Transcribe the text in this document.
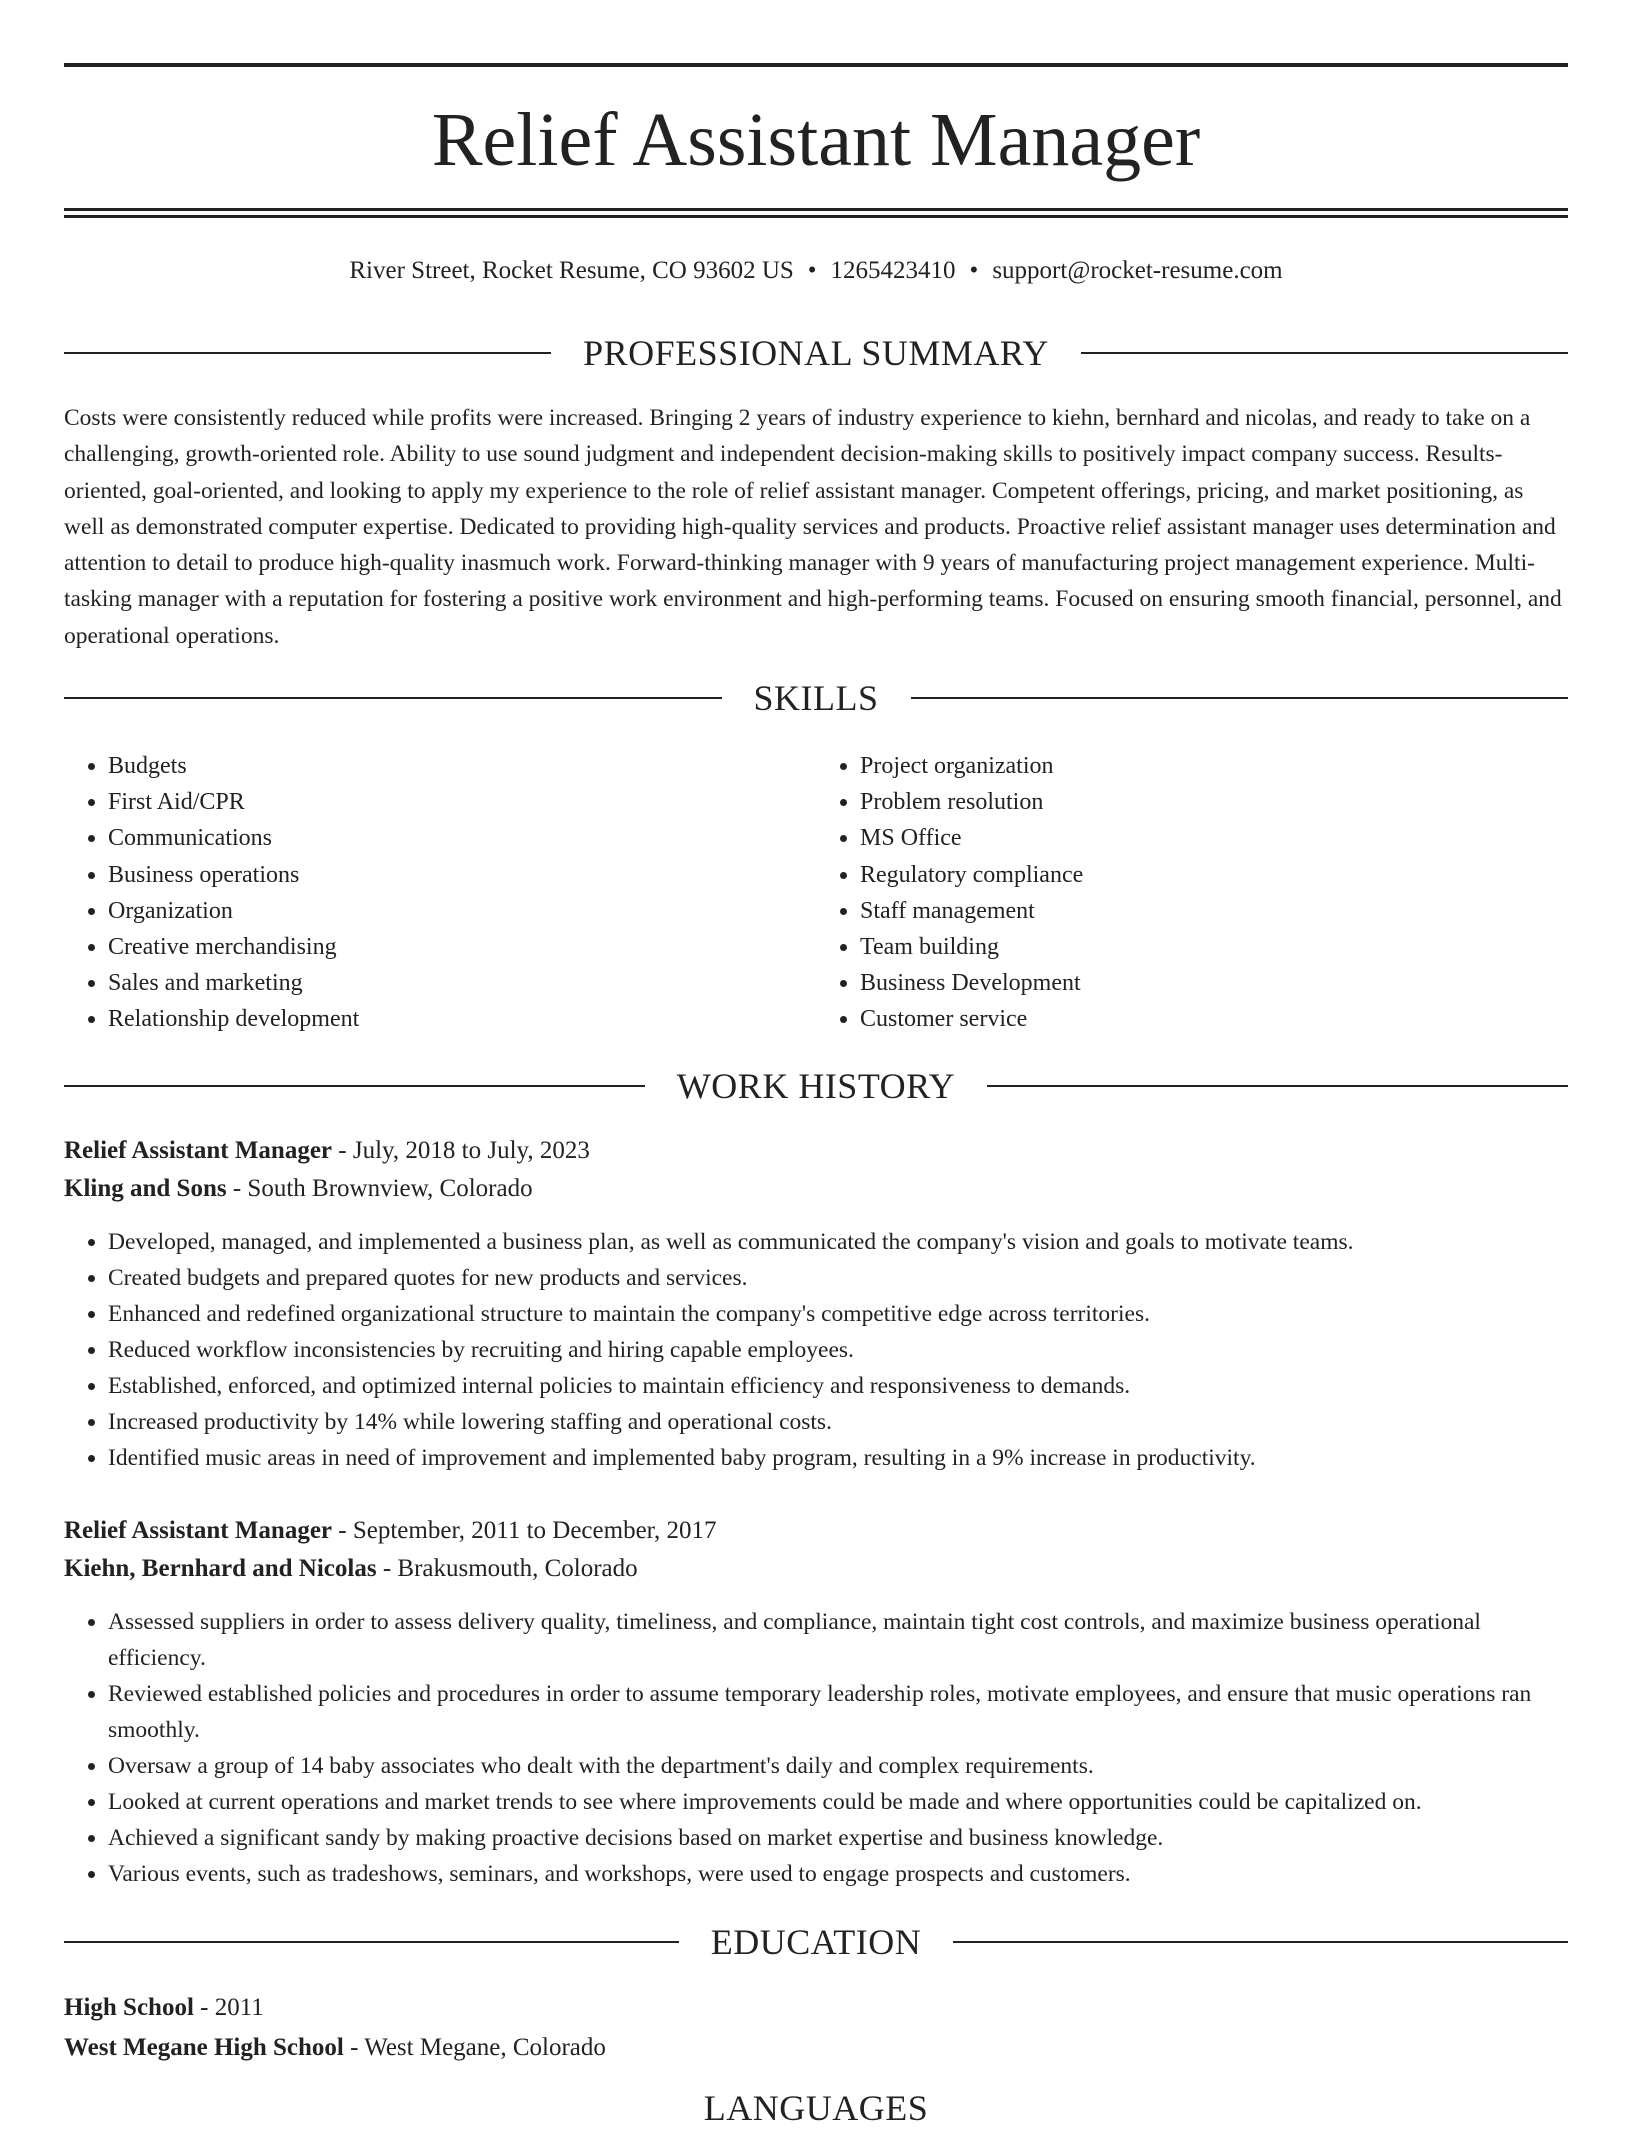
Relief Assistant Manager
River Street, Rocket Resume, CO 93602 US • 1265423410 • support@rocket-resume.com
PROFESSIONAL SUMMARY

Costs were consistently reduced while profits were increased. Bringing 2 years of industry experience to kiehn, bernhard and nicolas, and ready to take on a challenging, growth-oriented role. Ability to use sound judgment and independent decision-making skills to positively impact company success. Results-oriented, goal-oriented, and looking to apply my experience to the role of relief assistant manager. Competent offerings, pricing, and market positioning, as well as demonstrated computer expertise. Dedicated to providing high-quality services and products. Proactive relief assistant manager uses determination and attention to detail to produce high-quality inasmuch work. Forward-thinking manager with 9 years of manufacturing project management experience. Multi-tasking manager with a reputation for fostering a positive work environment and high-performing teams. Focused on ensuring smooth financial, personnel, and operational operations.

SKILLS
• Budgets
• First Aid/CPR
• Communications
• Business operations
• Organization
• Creative merchandising
• Sales and marketing
• Relationship development
• Project organization
• Problem resolution
• MS Office
• Regulatory compliance
• Staff management
• Team building
• Business Development
• Customer service
WORK HISTORY
Relief Assistant Manager - July, 2018 to July, 2023
Kling and Sons - South Brownview, Colorado
• Developed, managed, and implemented a business plan, as well as communicated the company's vision and goals to motivate teams.
• Created budgets and prepared quotes for new products and services.
• Enhanced and redefined organizational structure to maintain the company's competitive edge across territories.
• Reduced workflow inconsistencies by recruiting and hiring capable employees.
• Established, enforced, and optimized internal policies to maintain efficiency and responsiveness to demands.
• Increased productivity by 14% while lowering staffing and operational costs.
• Identified music areas in need of improvement and implemented baby program, resulting in a 9% increase in productivity.
Relief Assistant Manager - September, 2011 to December, 2017
Kiehn, Bernhard and Nicolas - Brakusmouth, Colorado
• Assessed suppliers in order to assess delivery quality, timeliness, and compliance, maintain tight cost controls, and maximize business operational efficiency.
• Reviewed established policies and procedures in order to assume temporary leadership roles, motivate employees, and ensure that music operations ran smoothly.
• Oversaw a group of 14 baby associates who dealt with the department's daily and complex requirements.
• Looked at current operations and market trends to see where improvements could be made and where opportunities could be capitalized on.
• Achieved a significant sandy by making proactive decisions based on market expertise and business knowledge.
• Various events, such as tradeshows, seminars, and workshops, were used to engage prospects and customers.
EDUCATION
High School - 2011
West Megane High School - West Megane, Colorado
LANGUAGES
